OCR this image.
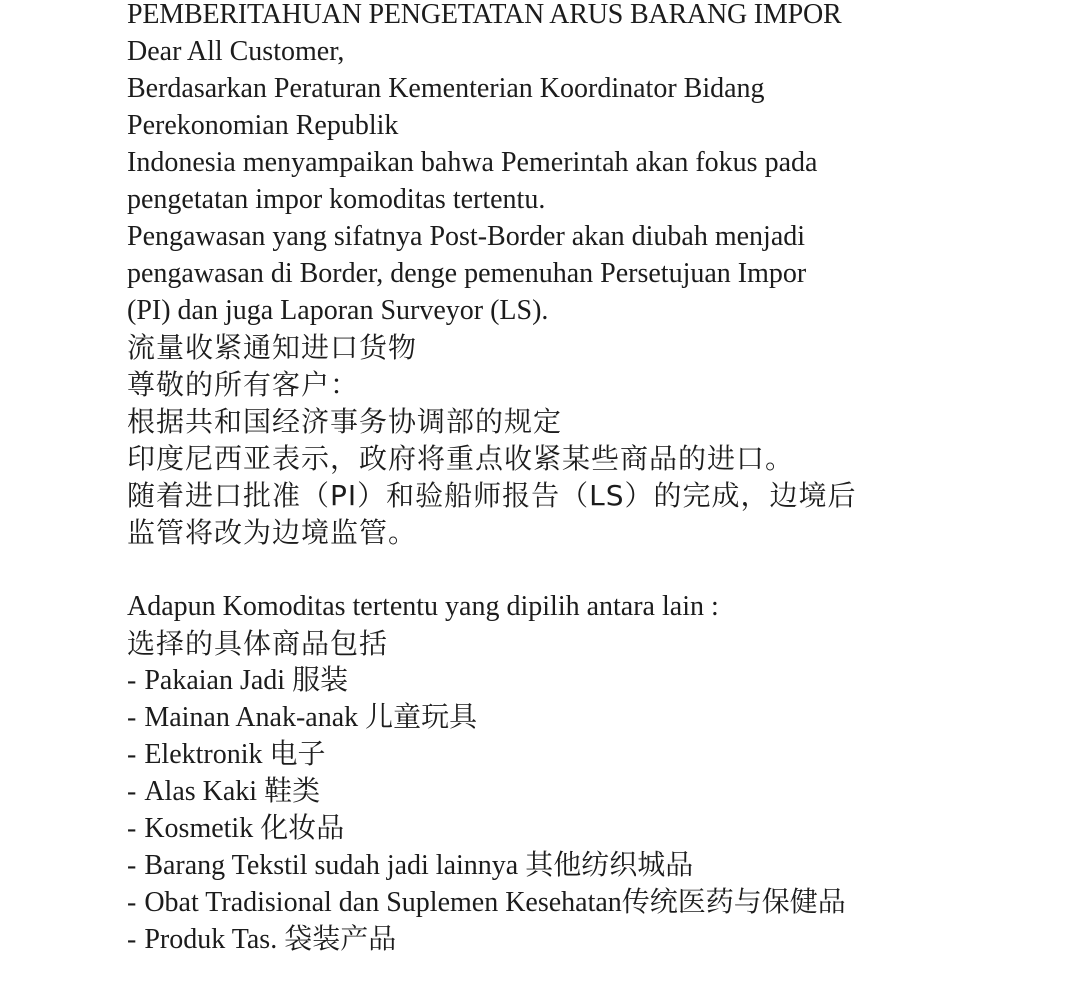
PEMBERITAHUAN PENGETATAN ARUS BARANG IMPOR
Dear All Customer,
Berdasarkan Peraturan Kementerian Koordinator Bidang
Perekonomian Republik
Indonesia menyampaikan bahwa Pemerintah akan fokus pada
pengetatan impor komoditas tertentu.
Pengawasan yang sifatnya Post-Border akan diubah menjadi
pengawasan di Border, denge pemenuhan Persetujuan Impor
(PI) dan juga Laporan Surveyor (LS).
流量收紧通知进口货物
尊敬的所有客户：
根据共和国经济事务协调部的规定
印度尼西亚表示，政府将重点收紧某些商品的进口。
随着进口批准（PI）和验船师报告（LS）的完成，边境后
监管将改为边境监管。
Adapun Komoditas tertentu yang dipilih antara lain :
选择的具体商品包括
- Pakaian Jadi 服装
- Mainan Anak-anak 儿童玩具
- Elektronik 电子
- Alas Kaki 鞋类
- Kosmetik 化妆品
- Barang Tekstil sudah jadi lainnya 其他纺织城品
- Obat Tradisional dan Suplemen Kesehatan传统医药与保健品
- Produk Tas. 袋装产品
